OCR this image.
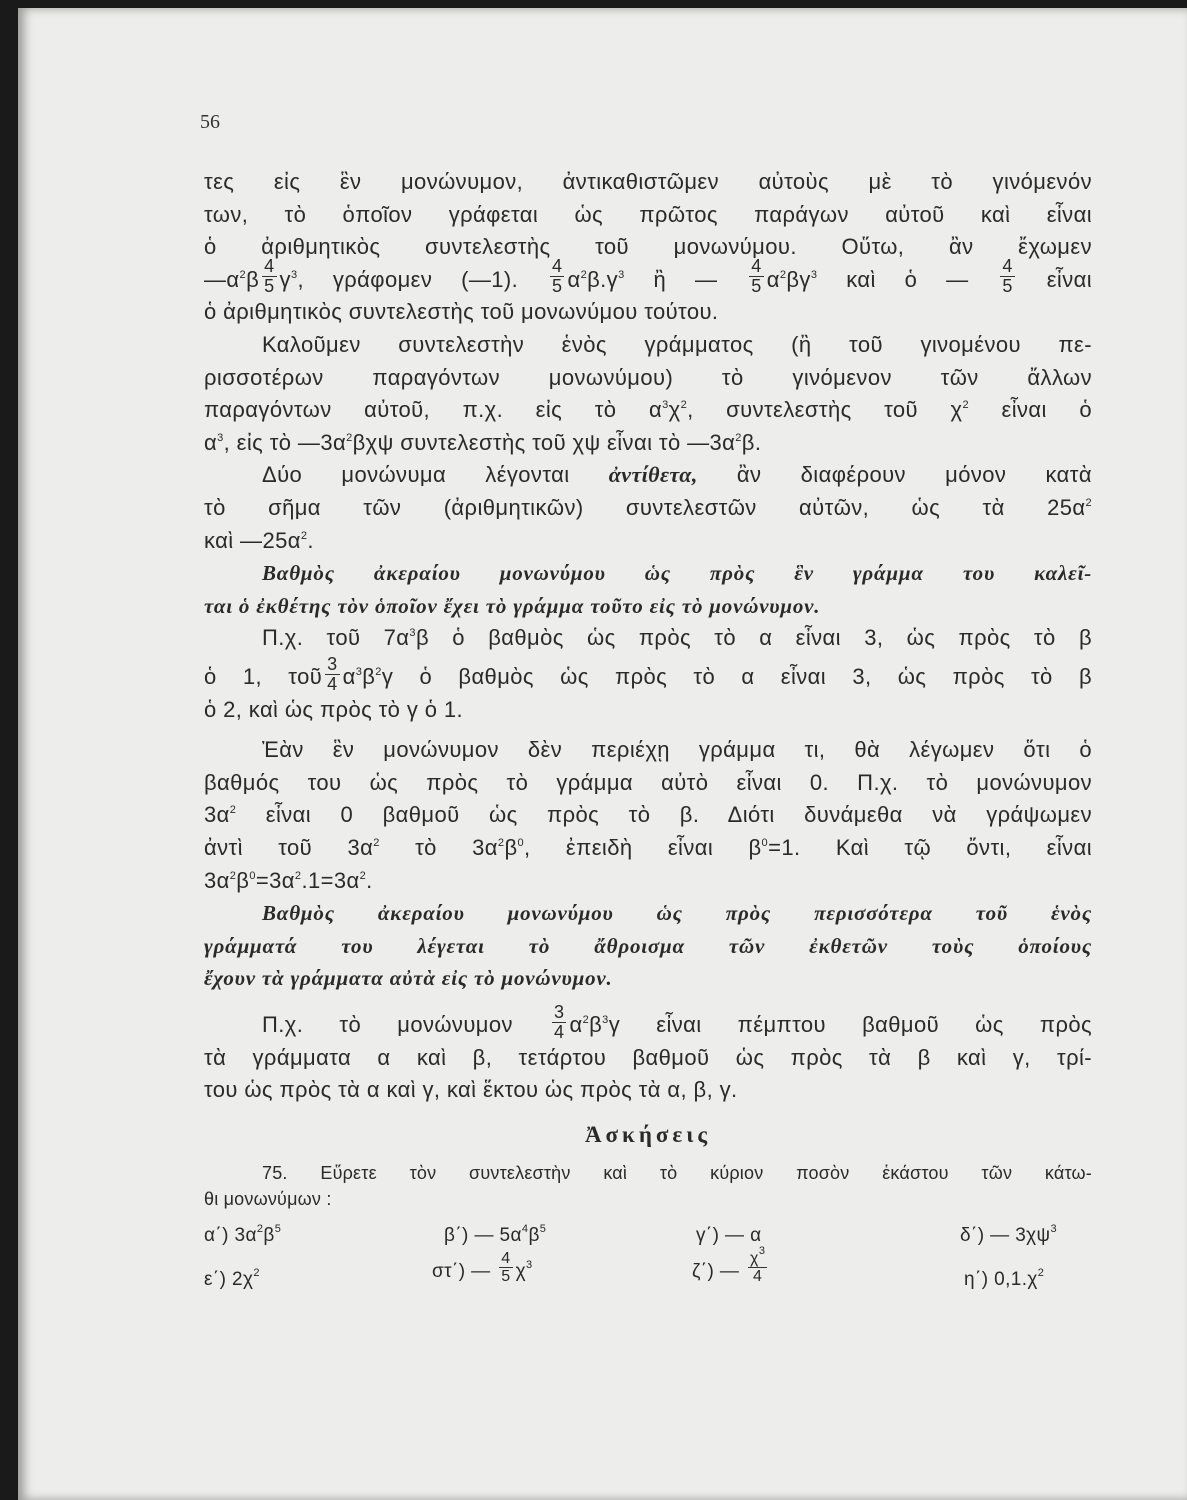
56
τες εἰς ἓν μονώνυμον, ἀντικαθιστῶμεν αὐτοὺς μὲ τὸ γινόμενόν
των, τὸ ὁποῖον γράφεται ὡς πρῶτος παράγων αὐτοῦ καὶ εἶναι
ὁ ἀριθμητικὸς συντελεστὴς τοῦ μονωνύμου. Οὕτω, ἂν ἔχωμεν
$—\alpha^2\beta \frac{4}{5} \gamma^3$, γράφομεν (—1). $\frac{4}{5} \alpha^2\beta.\gamma^3$ ἢ — $\frac{4}{5} \alpha^2\beta\gamma^3$ καὶ ὁ — $\frac{4}{5}$ εἶναι
ὁ ἀριθμητικὸς συντελεστὴς τοῦ μονωνύμου τούτου.
Καλοῦμεν συντελεστὴν ἑνὸς γράμματος (ἢ τοῦ γινομένου πε-
ρισσοτέρων παραγόντων μονωνύμου) τὸ γινόμενον τῶν ἄλλων
παραγόντων αὐτοῦ, π.χ. εἰς τὸ $\alpha^3\chi^2$, συντελεστὴς τοῦ $\chi^2$ εἶναι ὁ
$\alpha^3$, εἰς τὸ $—3\alpha^2\beta\chi\psi$ συντελεστὴς τοῦ χψ εἶναι τὸ $—3\alpha^2\beta$.
Δύο μονώνυμα λέγονται ἀντίθετα, ἂν διαφέρουν μόνον κατὰ
τὸ σῆμα τῶν (ἀριθμητικῶν) συντελεστῶν αὐτῶν, ὡς τὰ $25\alpha^2$
καὶ $—25\alpha^2$.
Βαθμὸς ἀκεραίου μονωνύμου ὡς πρὸς ἓν γράμμα του καλεῖ-
ται ὁ ἐκθέτης τὸν ὁποῖον ἔχει τὸ γράμμα τοῦτο εἰς τὸ μονώνυμον.
Π.χ. τοῦ $7\alpha^3\beta$ ὁ βαθμὸς ὡς πρὸς τὸ α εἶναι 3, ὡς πρὸς τὸ β
ὁ 1, τοῦ $\frac{3}{4} \alpha^3\beta^2\gamma$ ὁ βαθμὸς ὡς πρὸς τὸ α εἶναι 3, ὡς πρὸς τὸ β
ὁ 2, καὶ ὡς πρὸς τὸ γ ὁ 1.
Ἐὰν ἓν μονώνυμον δὲν περιέχῃ γράμμα τι, θὰ λέγωμεν ὅτι ὁ
βαθμός του ὡς πρὸς τὸ γράμμα αὐτὸ εἶναι 0. Π.χ. τὸ μονώνυμον
$3\alpha^2$ εἶναι 0 βαθμοῦ ὡς πρὸς τὸ β. Διότι δυνάμεθα νὰ γράψωμεν
ἀντὶ τοῦ $3\alpha^2$ τὸ $3\alpha^2\beta^0$, ἐπειδὴ εἶναι $\beta^0=1$. Καὶ τῷ ὄντι, εἶναι
$3\alpha^2\beta^0=3\alpha^2.1=3\alpha^2$.
Βαθμὸς ἀκεραίου μονωνύμου ὡς πρὸς περισσότερα τοῦ ἑνὸς
γράμματά του λέγεται τὸ ἄθροισμα τῶν ἐκθετῶν τοὺς ὁποίους
ἔχουν τὰ γράμματα αὐτὰ εἰς τὸ μονώνυμον.
Π.χ. τὸ μονώνυμον $\frac{3}{4} \alpha^2\beta^3\gamma$ εἶναι πέμπτου βαθμοῦ ὡς πρὸς
τὰ γράμματα α καὶ β, τετάρτου βαθμοῦ ὡς πρὸς τὰ β καὶ γ, τρί-
του ὡς πρὸς τὰ α καὶ γ, καὶ ἕκτου ὡς πρὸς τὰ α, β, γ.
Ἀσκήσεις
75. Εὕρετε τὸν συντελεστὴν καὶ τὸ κύριον ποσὸν ἑκάστου τῶν κάτω-
θι μονωνύμων :
α΄) $3\alpha^2\beta^5$	β΄) — $5\alpha^4\beta^5$	γ΄) — α	δ΄) — $3\chi\psi^3$
ε΄) $2\chi^2$	στ΄) — $\frac{4}{5} \chi^3$	ζ΄) — $\frac{\chi^3}{4}$	η΄) $0,1.\chi^2$
